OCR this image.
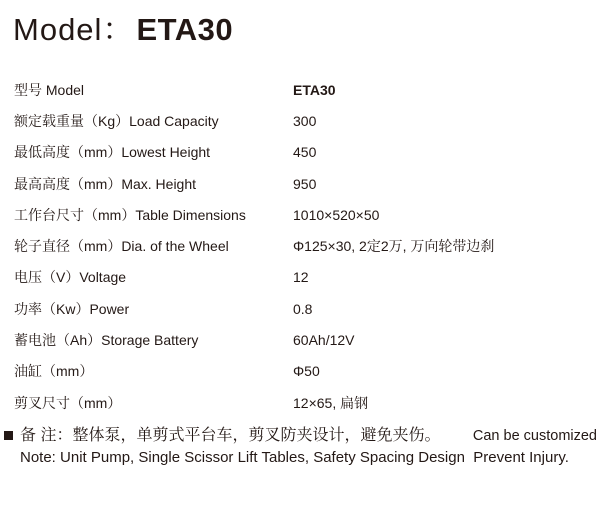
Model：ETA30
型号 Model	ETA30
额定载重量（Kg）Load Capacity	300
最低高度（mm）Lowest Height	450
最高高度（mm）Max. Height	950
工作台尺寸（mm）Table Dimensions	1010×520×50
轮子直径（mm）Dia. of the Wheel	Φ125×30, 2定2万, 万向轮带边刹
电压（V）Voltage	12
功率（Kw）Power	0.8
蓄电池（Ah）Storage Battery	60Ah/12V
油缸（mm）	Φ50
剪叉尺寸（mm）	12×65, 扁钢
备 注：整体泵，单剪式平台车，剪叉防夹设计，避免夹伤。 Can be customized
Note: Unit Pump, Single Scissor Lift Tables, Safety Spacing Design  Prevent Injury.
